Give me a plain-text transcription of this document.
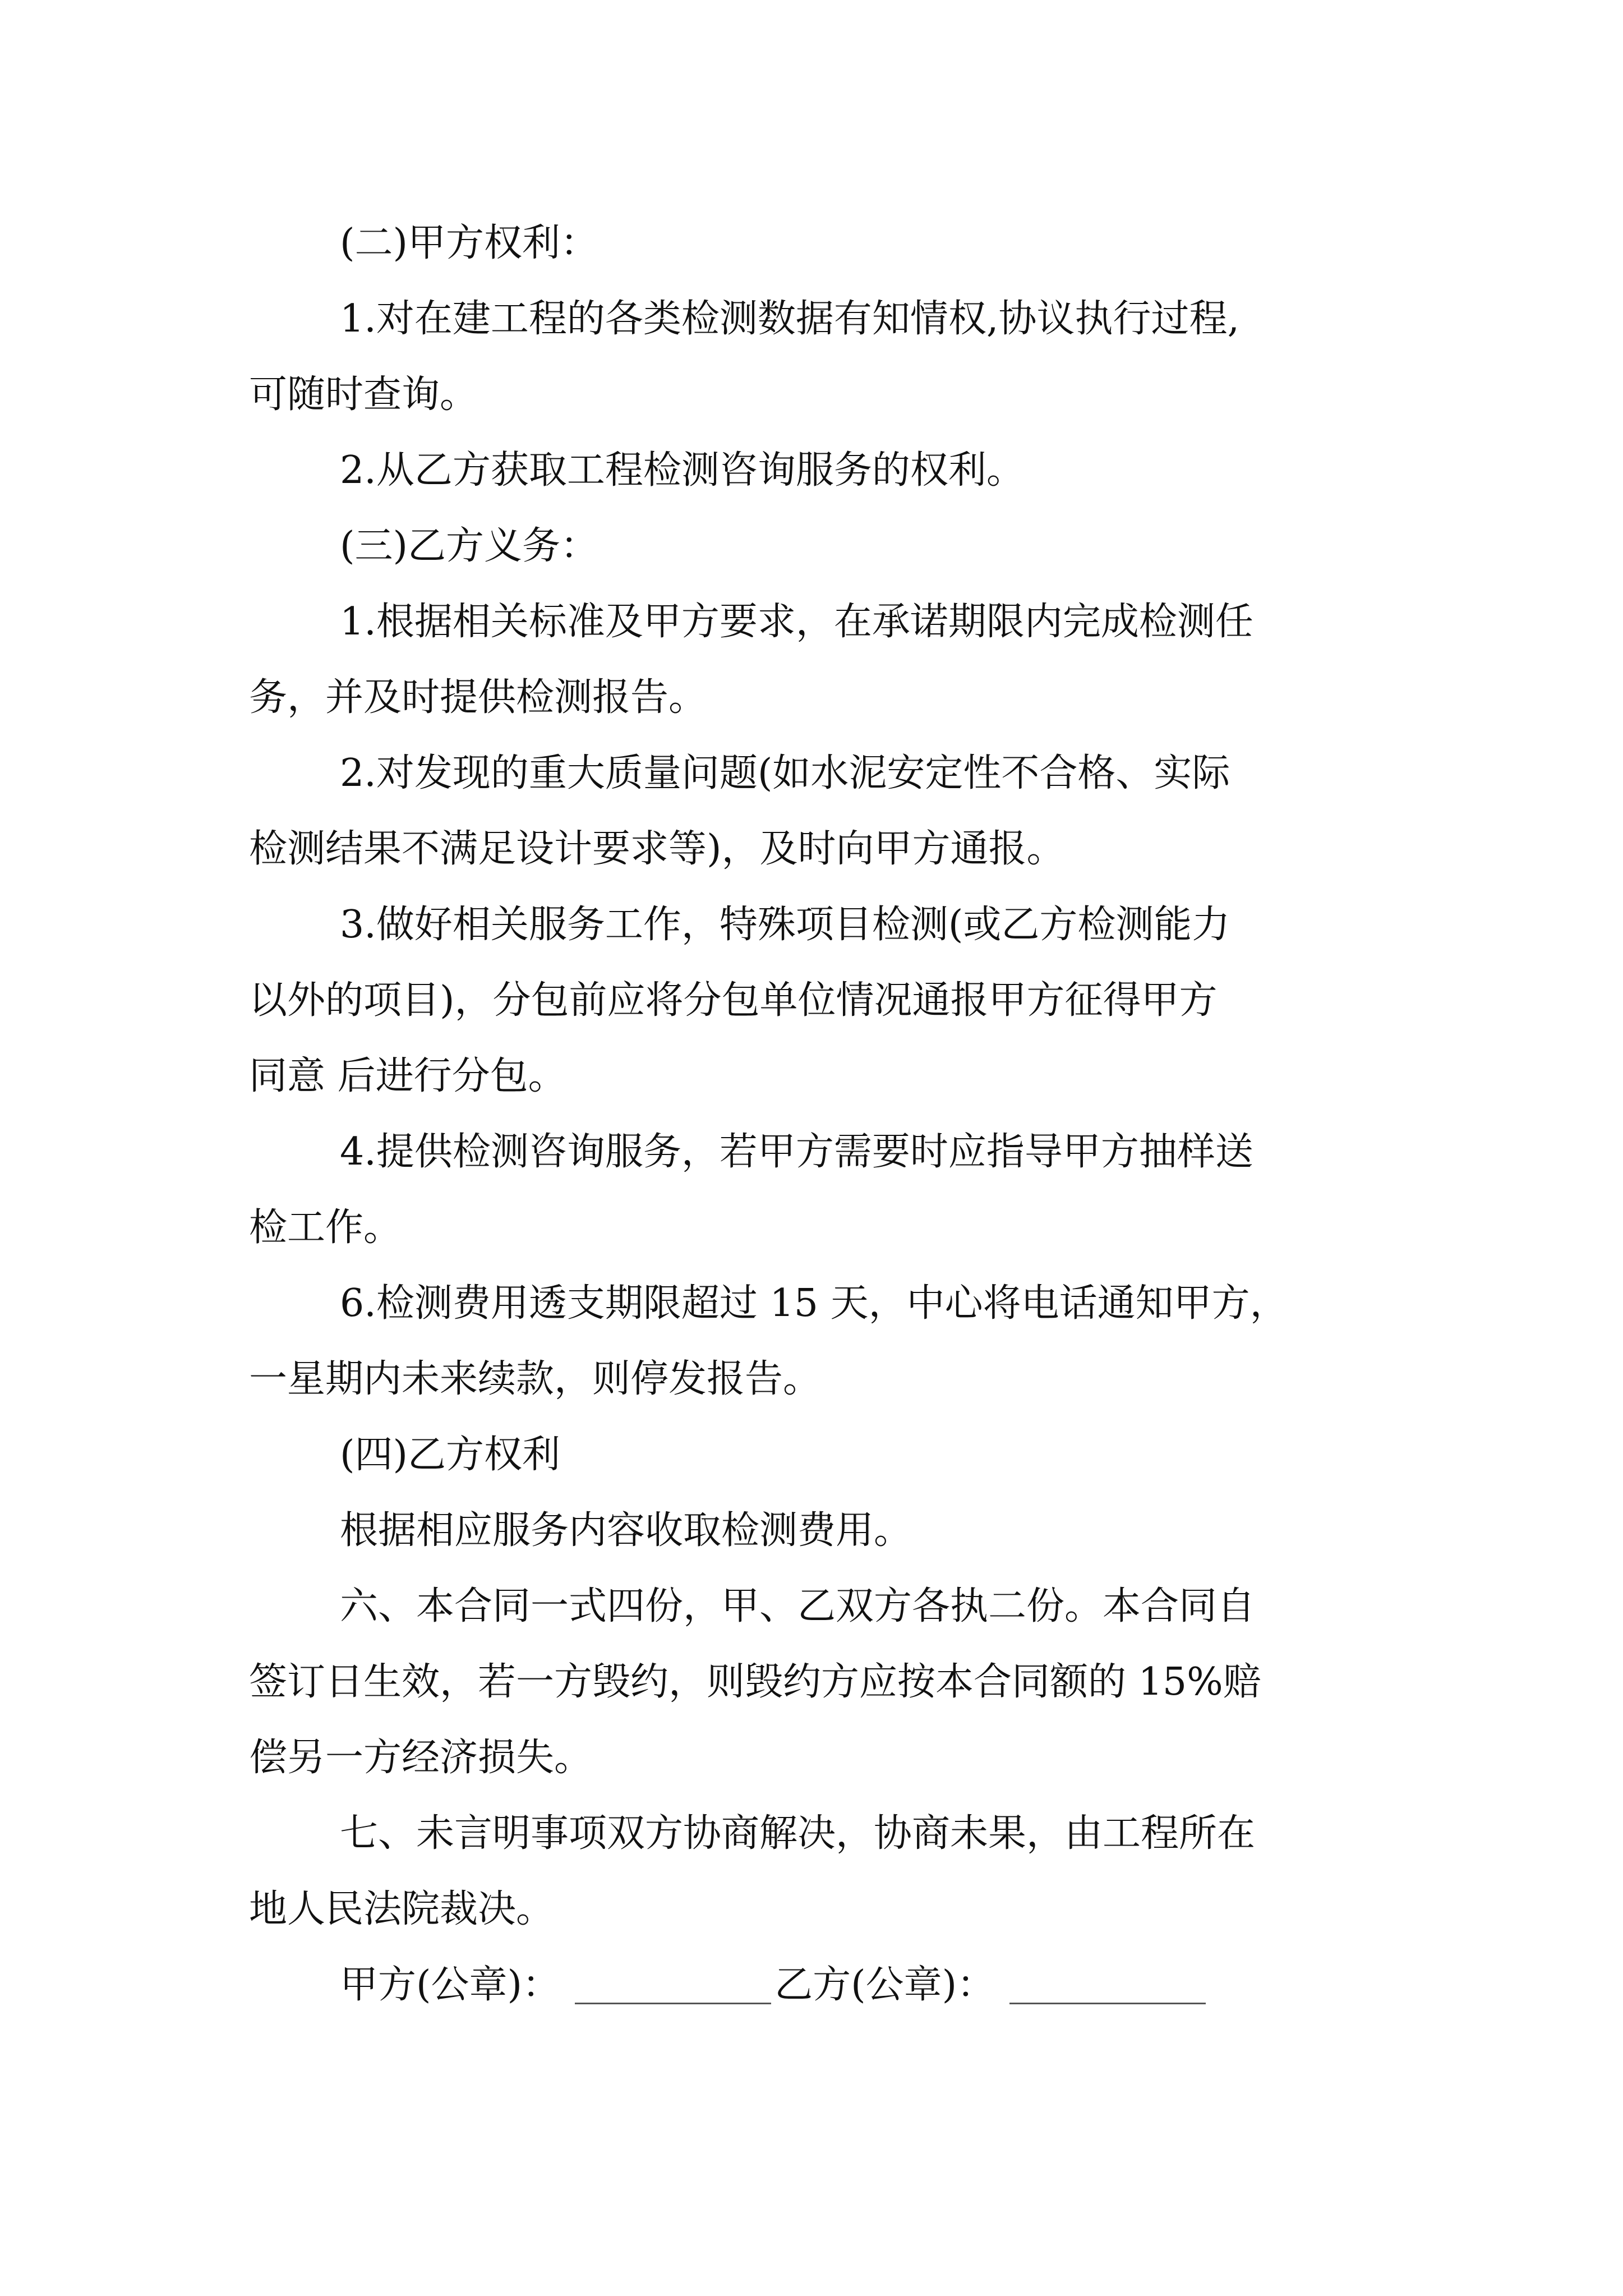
(二)甲方权利：
1.对在建工程的各类检测数据有知情权,协议执行过程,
可随时查询。
2.从乙方获取工程检测咨询服务的权利。
(三)乙方义务：
1.根据相关标准及甲方要求，在承诺期限内完成检测任
务，并及时提供检测报告。
2.对发现的重大质量问题(如水泥安定性不合格、实际
检测结果不满足设计要求等)，及时向甲方通报。
3.做好相关服务工作，特殊项目检测(或乙方检测能力
以外的项目)，分包前应将分包单位情况通报甲方征得甲方
同意 后进行分包。
4.提供检测咨询服务，若甲方需要时应指导甲方抽样送
检工作。
6.检测费用透支期限超过 15 天，中心将电话通知甲方，
一星期内未来续款，则停发报告。
(四)乙方权利
根据相应服务内容收取检测费用。
六、本合同一式四份，甲、乙双方各执二份。本合同自
签订日生效，若一方毁约，则毁约方应按本合同额的 15%赔
偿另一方经济损失。
七、未言明事项双方协商解决，协商未果，由工程所在
地人民法院裁决。
甲方(公章)：	乙方(公章)：
